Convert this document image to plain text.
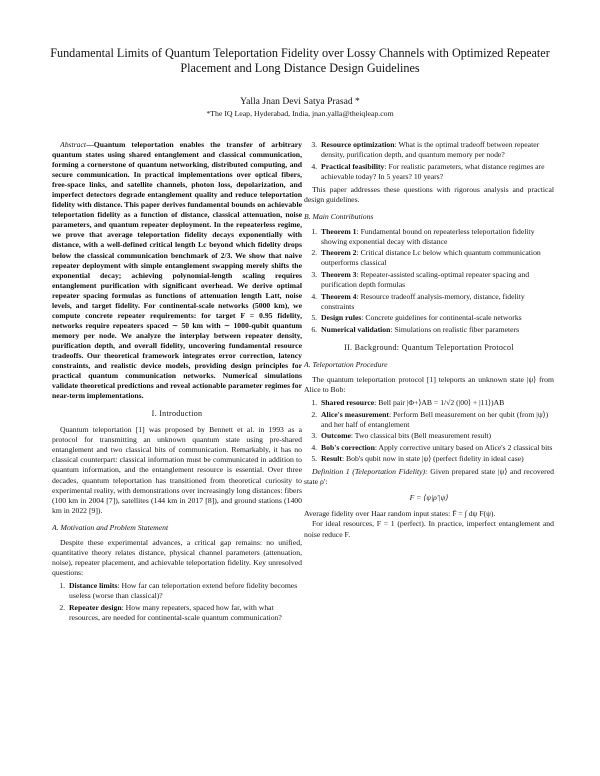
Fundamental Limits of Quantum Teleportation Fidelity over Lossy Channels with Optimized Repeater Placement and Long Distance Design Guidelines
Yalla Jnan Devi Satya Prasad *
*The IQ Leap, Hyderabad, India, jnan.yalla@theiqleap.com

Abstract—Quantum teleportation enables the transfer of arbitrary quantum states using shared entanglement and classical communication, forming a cornerstone of quantum networking, distributed computing, and secure communication. In practical implementations over optical fibers, free-space links, and satellite channels, photon loss, depolarization, and imperfect detectors degrade entanglement quality and reduce teleportation fidelity with distance. This paper derives fundamental bounds on achievable teleportation fidelity as a function of distance, classical attenuation, noise parameters, and quantum repeater deployment. In the repeaterless regime, we prove that average teleportation fidelity decays exponentially with distance, with a well-defined critical length Lc beyond which fidelity drops below the classical communication benchmark of 2/3. We show that naive repeater deployment with simple entanglement swapping merely shifts the exponential decay; achieving polynomial-length scaling requires entanglement purification with significant overhead. We derive optimal repeater spacing formulas as functions of attenuation length Latt, noise levels, and target fidelity. For continental-scale networks (5000 km), we compute concrete repeater requirements: for target F = 0.95 fidelity, networks require repeaters spaced ∼ 50 km with ∼ 1000-qubit quantum memory per node. We analyze the interplay between repeater density, purification depth, and overall fidelity, uncovering fundamental resource tradeoffs. Our theoretical framework integrates error correction, latency constraints, and realistic device models, providing design principles for practical quantum communication networks. Numerical simulations validate theoretical predictions and reveal actionable parameter regimes for near-term implementations.

I. Introduction

Quantum teleportation [1] was proposed by Bennett et al. in 1993 as a protocol for transmitting an unknown quantum state using pre-shared entanglement and two classical bits of communication. Remarkably, it has no classical counterpart: classical information must be communicated in addition to quantum information, and the entanglement resource is essential. Over three decades, quantum teleportation has transitioned from theoretical curiosity to experimental reality, with demonstrations over increasingly long distances: fibers (100 km in 2004 [7]), satellites (144 km in 2017 [8]), and ground stations (1400 km in 2022 [9]).

A. Motivation and Problem Statement

Despite these experimental advances, a critical gap remains: no unified, quantitative theory relates distance, physical channel parameters (attenuation, noise), repeater placement, and achievable teleportation fidelity. Key unresolved questions:

1. Distance limits: How far can teleportation extend before fidelity becomes useless (worse than classical)?
2. Repeater design: How many repeaters, spaced how far, with what resources, are needed for continental-scale quantum communication?
3. Resource optimization: What is the optimal tradeoff between repeater density, purification depth, and quantum memory per node?
4. Practical feasibility: For realistic parameters, what distance regimes are achievable today? In 5 years? 10 years?

This paper addresses these questions with rigorous analysis and practical design guidelines.

B. Main Contributions
1. Theorem 1: Fundamental bound on repeaterless teleportation fidelity showing exponential decay with distance
2. Theorem 2: Critical distance Lc below which quantum communication outperforms classical
3. Theorem 3: Repeater-assisted scaling-optimal repeater spacing and purification depth formulas
4. Theorem 4: Resource tradeoff analysis-memory, distance, fidelity constraints
5. Design rules: Concrete guidelines for continental-scale networks
6. Numerical validation: Simulations on realistic fiber parameters
II. Background: Quantum Teleportation Protocol
A. Teleportation Procedure

The quantum teleportation protocol [1] teleports an unknown state |ψ⟩ from Alice to Bob:

1. Shared resource: Bell pair |Φ+⟩AB = 1/√2 (|00⟩ + |11⟩)AB
2. Alice's measurement: Perform Bell measurement on her qubit (from |ψ⟩) and her half of entanglement
3. Outcome: Two classical bits (Bell measurement result)
4. Bob's correction: Apply corrective unitary based on Alice's 2 classical bits
5. Result: Bob's qubit now in state |ψ⟩ (perfect fidelity in ideal case)

Definition 1 (Teleportation Fidelity): Given prepared state |ψ⟩ and recovered state ρ′:

F = ⟨ψ|ρ′|ψ⟩

Average fidelity over Haar random input states: F̄ = ∫ dψ F(ψ).

For ideal resources, F = 1 (perfect). In practice, imperfect entanglement and noise reduce F.
